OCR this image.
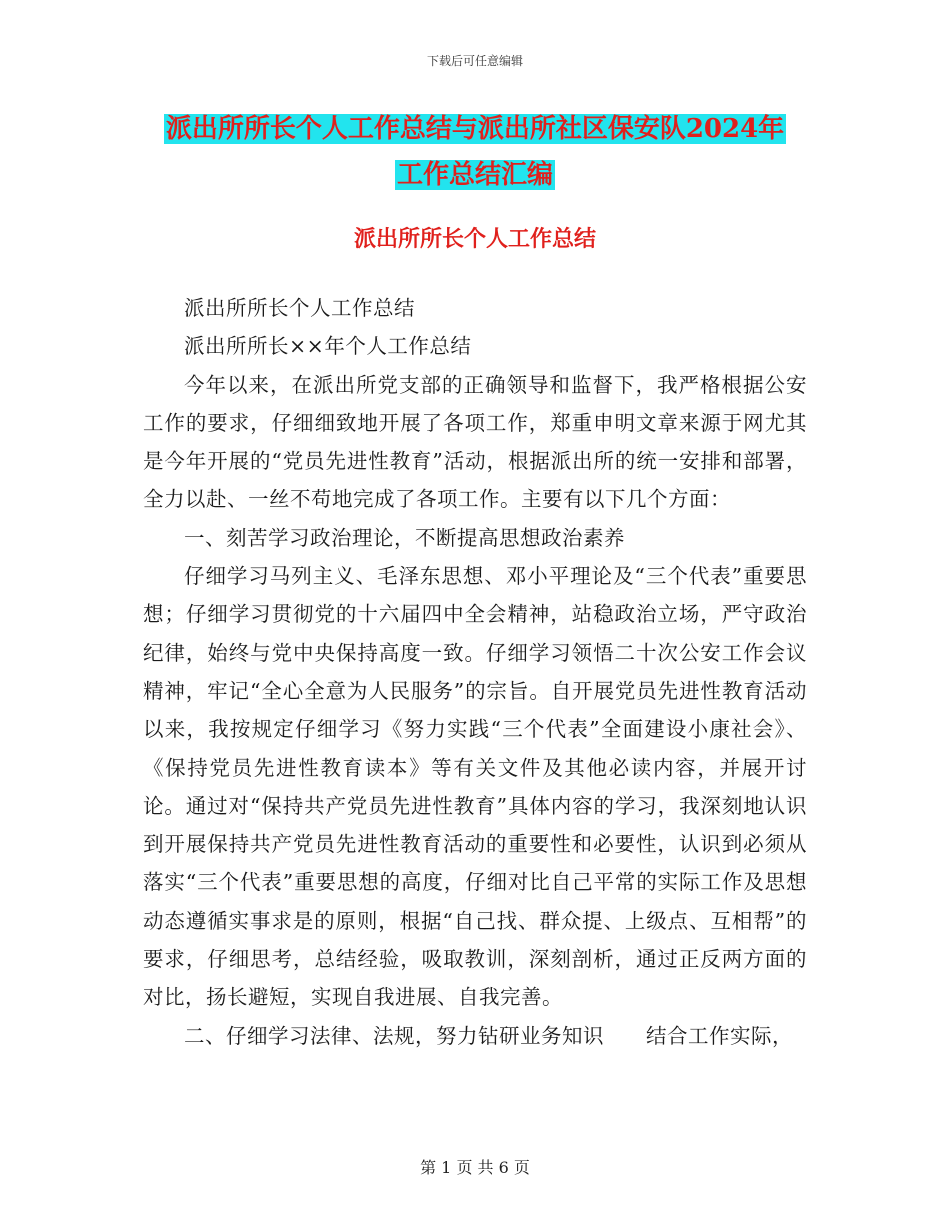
下载后可任意编辑
派出所所长个人工作总结与派出所社区保安队2024年
工作总结汇编
派出所所长个人工作总结

派出所所长个人工作总结

派出所所长××年个人工作总结

今年以来，在派出所党支部的正确领导和监督下，我严格根据公安工作的要求，仔细细致地开展了各项工作，郑重申明文章来源于网尤其是今年开展的“党员先进性教育”活动，根据派出所的统一安排和部署，全力以赴、一丝不苟地完成了各项工作。主要有以下几个方面：

一、刻苦学习政治理论，不断提高思想政治素养

仔细学习马列主义、毛泽东思想、邓小平理论及“三个代表”重要思想；仔细学习贯彻党的十六届四中全会精神，站稳政治立场，严守政治纪律，始终与党中央保持高度一致。仔细学习领悟二十次公安工作会议精神，牢记“全心全意为人民服务”的宗旨。自开展党员先进性教育活动以来，我按规定仔细学习《努力实践“三个代表”全面建设小康社会》、《保持党员先进性教育读本》等有关文件及其他必读内容，并展开讨论。通过对“保持共产党员先进性教育”具体内容的学习，我深刻地认识到开展保持共产党员先进性教育活动的重要性和必要性，认识到必须从落实“三个代表”重要思想的高度，仔细对比自己平常的实际工作及思想动态遵循实事求是的原则，根据“自己找、群众提、上级点、互相帮”的要求，仔细思考，总结经验，吸取教训，深刻剖析，通过正反两方面的对比，扬长避短，实现自我进展、自我完善。

二、仔细学习法律、法规，努力钻研业务知识　　结合工作实际，

第 1 页 共 6 页
